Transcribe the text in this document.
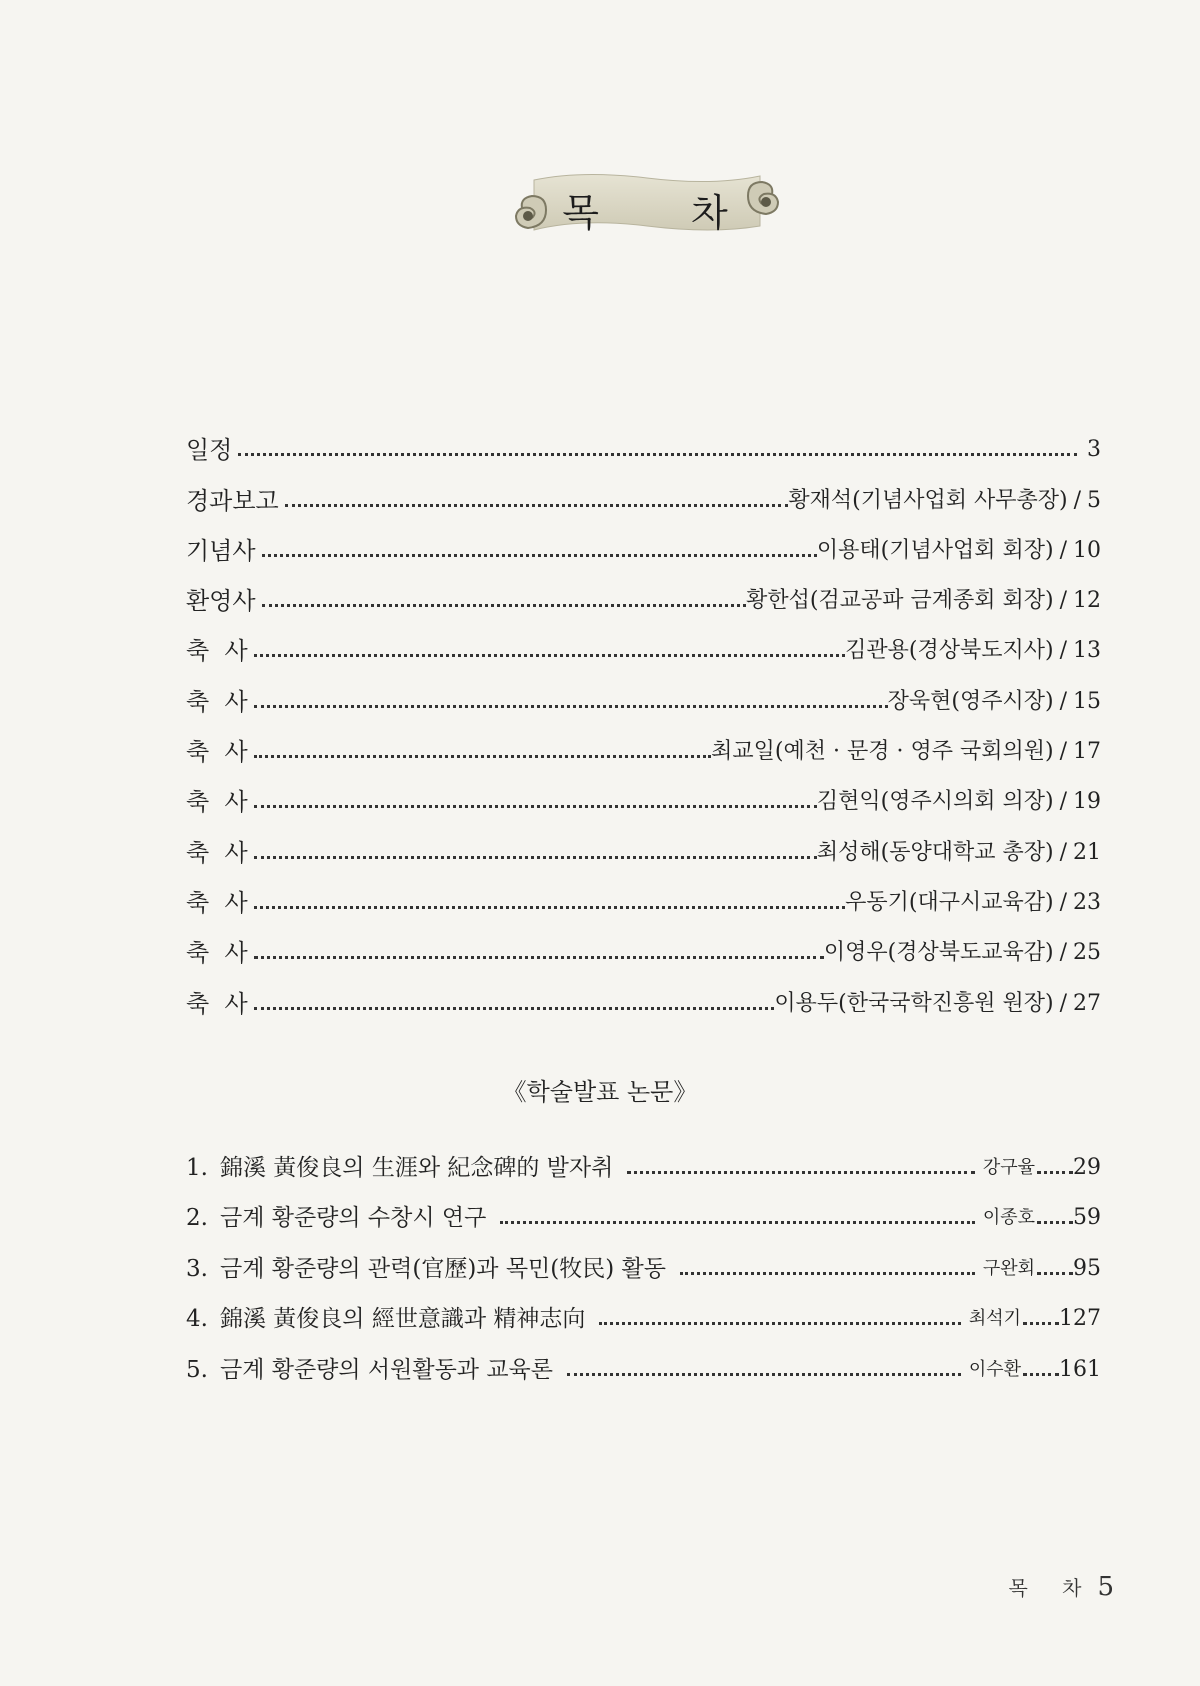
목 차
일정	3
경과보고	황재석(기념사업회 사무총장) / 5
기념사	이용태(기념사업회 회장) / 10
환영사	황한섭(검교공파 금계종회 회장) / 12
축  사	김관용(경상북도지사) / 13
축  사	장욱현(영주시장) / 15
축  사	최교일(예천 · 문경 · 영주 국회의원) / 17
축  사	김현익(영주시의회 의장) / 19
축  사	최성해(동양대학교 총장) / 21
축  사	우동기(대구시교육감) / 23
축  사	이영우(경상북도교육감) / 25
축  사	이용두(한국국학진흥원 원장) / 27
《학술발표 논문》
1. 錦溪 黃俊良의 生涯와 紀念碑的 발자취	강구율 29
2. 금계 황준량의 수창시 연구	이종호 59
3. 금계 황준량의 관력(官歷)과 목민(牧民) 활동	구완회 95
4. 錦溪 黃俊良의 經世意識과 精神志向	최석기 127
5. 금계 황준량의 서원활동과 교육론	이수환 161
목 차 5
